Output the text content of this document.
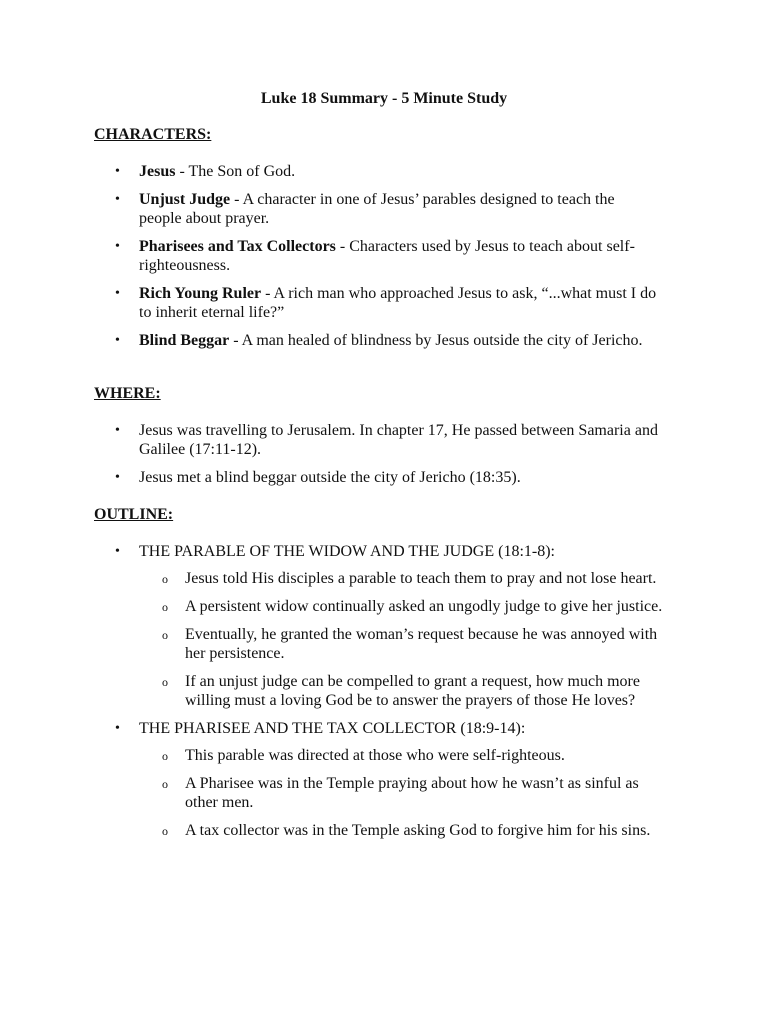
Luke 18 Summary - 5 Minute Study
CHARACTERS:
• Jesus - The Son of God.
• Unjust Judge - A character in one of Jesus’ parables designed to teach the people about prayer.
• Pharisees and Tax Collectors - Characters used by Jesus to teach about self-righteousness.
• Rich Young Ruler - A rich man who approached Jesus to ask, “...what must I do to inherit eternal life?”
• Blind Beggar - A man healed of blindness by Jesus outside the city of Jericho.
WHERE:
• Jesus was travelling to Jerusalem. In chapter 17, He passed between Samaria and Galilee (17:11-12).
• Jesus met a blind beggar outside the city of Jericho (18:35).
OUTLINE:
• THE PARABLE OF THE WIDOW AND THE JUDGE (18:1-8):
o Jesus told His disciples a parable to teach them to pray and not lose heart.
o A persistent widow continually asked an ungodly judge to give her justice.
o Eventually, he granted the woman’s request because he was annoyed with her persistence.
o If an unjust judge can be compelled to grant a request, how much more willing must a loving God be to answer the prayers of those He loves?
• THE PHARISEE AND THE TAX COLLECTOR (18:9-14):
o This parable was directed at those who were self-righteous.
o A Pharisee was in the Temple praying about how he wasn’t as sinful as other men.
o A tax collector was in the Temple asking God to forgive him for his sins.
